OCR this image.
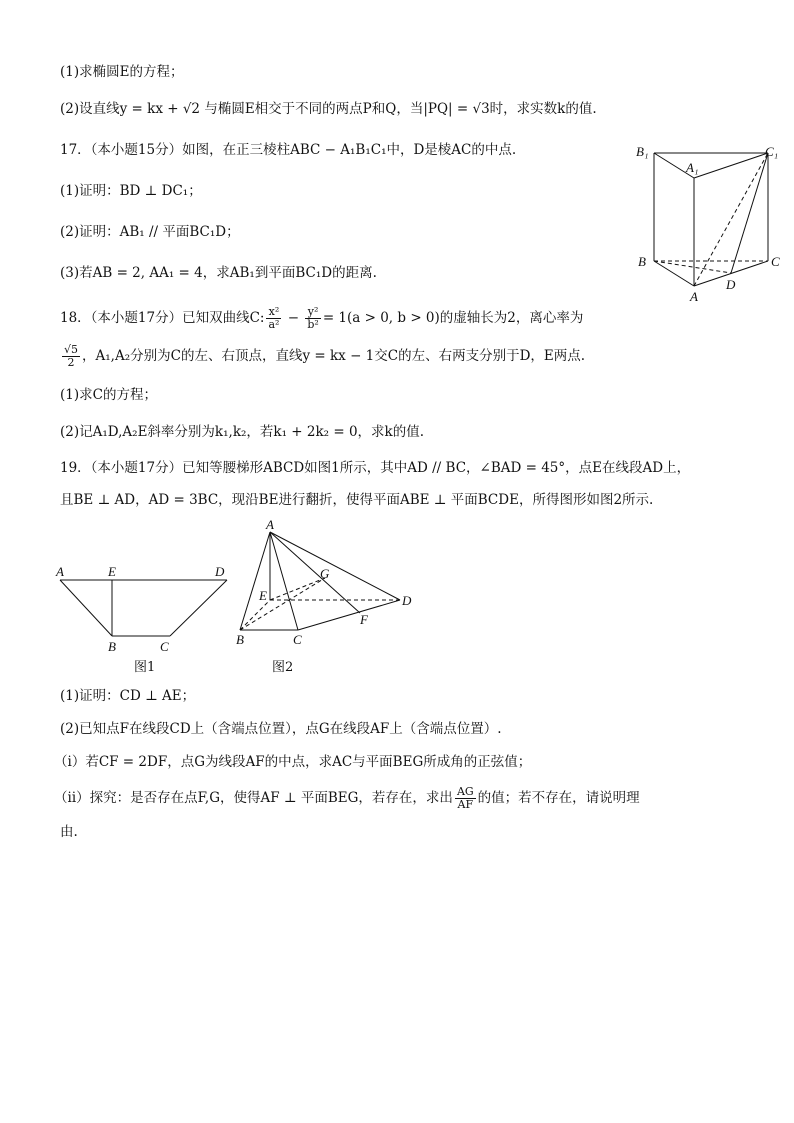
(1)求椭圆E的方程；
(2)设直线y = kx + √2 与椭圆E相交于不同的两点P和Q，当|PQ| = √3时，求实数k的值.
17．（本小题15分）如图，在正三棱柱ABC − A₁B₁C₁中，D是棱AC的中点.
(1)证明：BD ⊥ DC₁；
(2)证明：AB₁ // 平面BC₁D；
(3)若AB = 2, AA₁ = 4，求AB₁到平面BC₁D的距离.
B₁
A₁
C₁
B	C
A
D
18．（本小题17分）已知双曲线C: $\frac{\text{x²}}{\text{a²}} - \frac{\text{y²}}{\text{b²}} = 1(a > 0$, b > 0)的虚轴长为2，离心率为
$\frac{√5}{2}$ ，A₁,A₂分别为C的左、右顶点，直线y = kx − 1交C的左、右两支分别于D，E两点.
(1)求C的方程；
(2)记A₁D,A₂E斜率分别为k₁,k₂，若k₁ + 2k₂ = 0，求k的值.
19．（本小题17分）已知等腰梯形ABCD如图1所示，其中AD // BC，∠BAD = 45°，点E在线段AD上，
且BE ⊥ AD，AD = 3BC，现沿BE进行翻折，使得平面ABE ⊥ 平面BCDE，所得图形如图2所示.
A	E	D
B	C
图1
A
G
E	D
F
B	C
图2
(1)证明：CD ⊥ AE；
(2)已知点F在线段CD上（含端点位置），点G在线段AF上（含端点位置）.
（ⅰ）若CF = 2DF，点G为线段AF的中点，求AC与平面BEG所成角的正弦值；
（ⅱ）探究：是否存在点F,G，使得AF ⊥ 平面BEG，若存在，求出 $\frac{AG}{AF}$ 的值；若不存在，请说明理
由.
